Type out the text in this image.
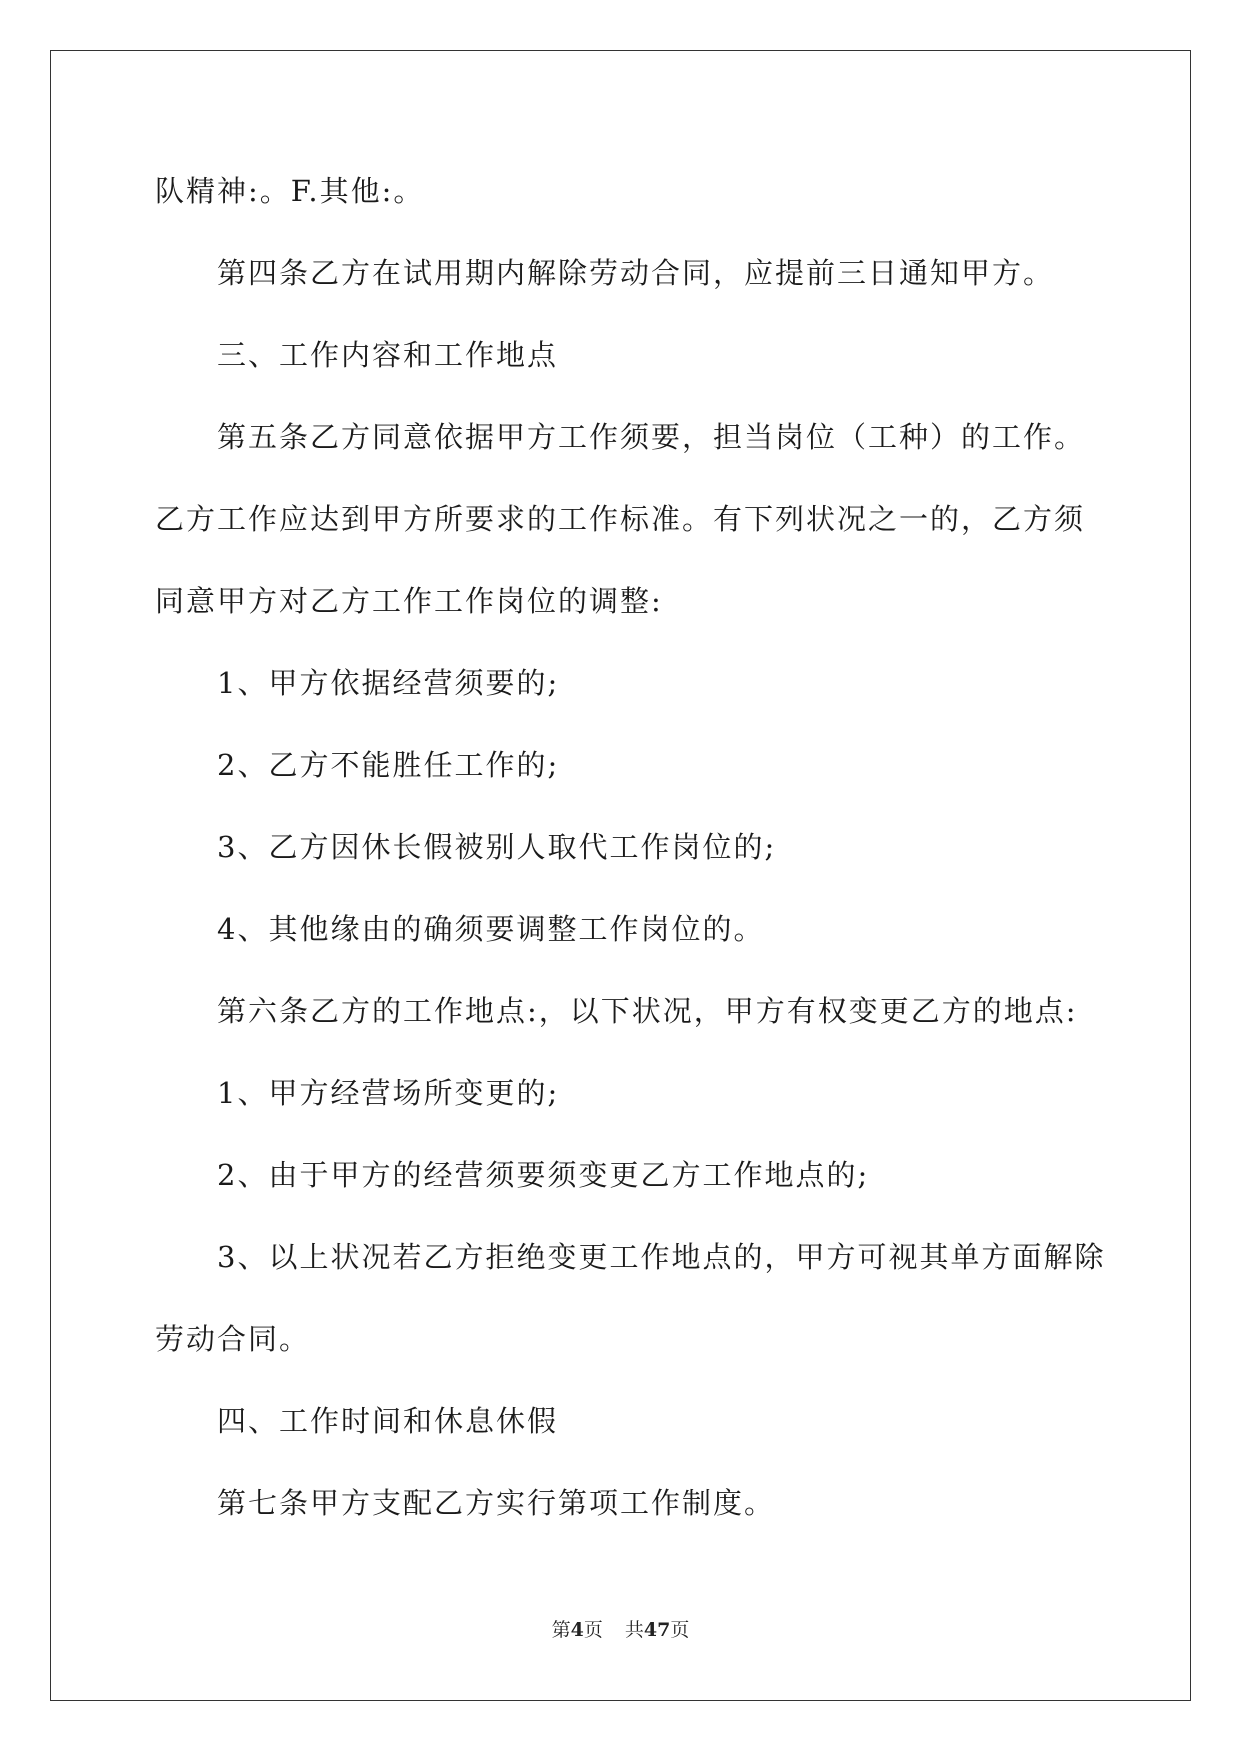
队精神:。F.其他:。

第四条乙方在试用期内解除劳动合同，应提前三日通知甲方。

三、工作内容和工作地点

第五条乙方同意依据甲方工作须要，担当岗位（工种）的工作。

乙方工作应达到甲方所要求的工作标准。有下列状况之一的，乙方须

同意甲方对乙方工作工作岗位的调整:

1、甲方依据经营须要的;

2、乙方不能胜任工作的;

3、乙方因休长假被别人取代工作岗位的;

4、其他缘由的确须要调整工作岗位的。

第六条乙方的工作地点:，以下状况，甲方有权变更乙方的地点:

1、甲方经营场所变更的;

2、由于甲方的经营须要须变更乙方工作地点的;

3、以上状况若乙方拒绝变更工作地点的，甲方可视其单方面解除

劳动合同。

四、工作时间和休息休假

第七条甲方支配乙方实行第项工作制度。

第4页 共47页
